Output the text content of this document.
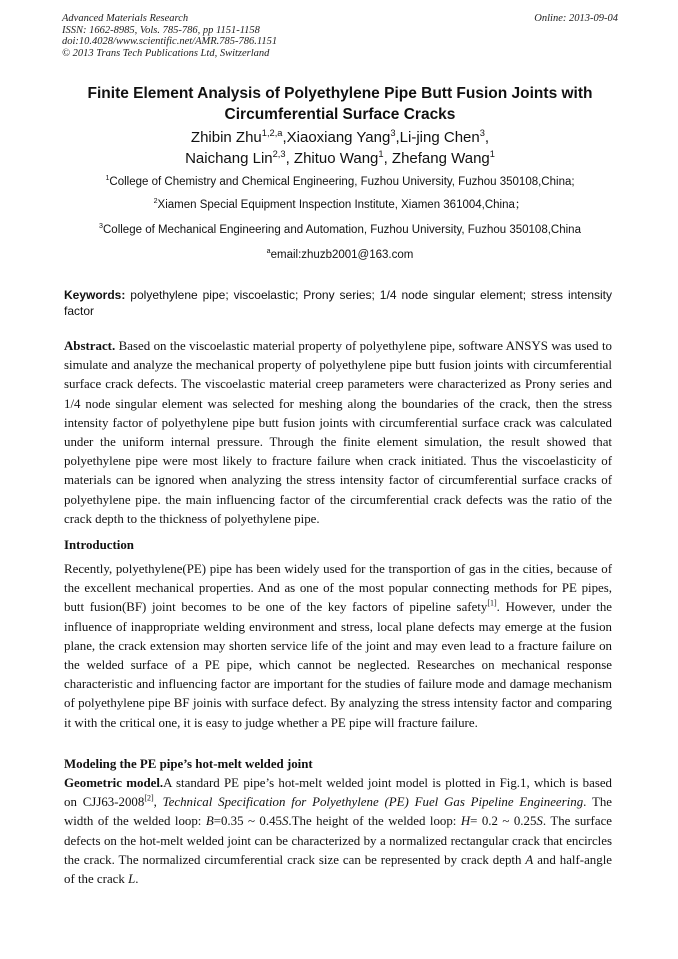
Advanced Materials Research
ISSN: 1662-8985, Vols. 785-786, pp 1151-1158
doi:10.4028/www.scientific.net/AMR.785-786.1151
© 2013 Trans Tech Publications Ltd, Switzerland
Online: 2013-09-04
Finite Element Analysis of Polyethylene Pipe Butt Fusion Joints with
Circumferential Surface Cracks
Zhibin Zhu$^{1,2,a}$,Xiaoxiang Yang$^3$,Li-jing Chen$^3$,
Naichang Lin$^{2,3}$, Zhituo Wang$^1$, Zhefang Wang$^1$
$^1$College of Chemistry and Chemical Engineering, Fuzhou University, Fuzhou 350108,China;
$^2$Xiamen Special Equipment Inspection Institute, Xiamen 361004,China；
$^3$College of Mechanical Engineering and Automation, Fuzhou University, Fuzhou 350108,China
$^a$email:zhuzb2001@163.com
Keywords: polyethylene pipe; viscoelastic; Prony series; 1/4 node singular element; stress intensity factor
Abstract. Based on the viscoelastic material property of polyethylene pipe, software ANSYS was used to simulate and analyze the mechanical property of polyethylene pipe butt fusion joints with circumferential surface crack defects. The viscoelastic material creep parameters were characterized as Prony series and 1/4 node singular element was selected for meshing along the boundaries of the crack, then the stress intensity factor of polyethylene pipe butt fusion joints with circumferential surface crack was calculated under the uniform internal pressure. Through the finite element simulation, the result showed that polyethylene pipe were most likely to fracture failure when crack initiated. Thus the viscoelasticity of materials can be ignored when analyzing the stress intensity factor of circumferential surface cracks of polyethylene pipe. the main influencing factor of the circumferential crack defects was the ratio of the crack depth to the thickness of polyethylene pipe.
Introduction
Recently, polyethylene(PE) pipe has been widely used for the transportion of gas in the cities, because of the excellent mechanical properties. And as one of the most popular connecting methods for PE pipes, butt fusion(BF) joint becomes to be one of the key factors of pipeline safety[1]. However, under the influence of inappropriate welding environment and stress, local plane defects may emerge at the fusion plane, the crack extension may shorten service life of the joint and may even lead to a fracture failure on the welded surface of a PE pipe, which cannot be neglected. Researches on mechanical response characteristic and influencing factor are important for the studies of failure mode and damage mechanism of polyethylene pipe BF joinis with surface defect. By analyzing the stress intensity factor and comparing it with the critical one, it is easy to judge whether a PE pipe will fracture failure.
Modeling the PE pipe’s hot-melt welded joint
Geometric model.A standard PE pipe’s hot-melt welded joint model is plotted in Fig.1, which is based on CJJ63-2008[2], Technical Specification for Polyethylene (PE) Fuel Gas Pipeline Engineering. The width of the welded loop: B=0.35 ~ 0.45S.The height of the welded loop: H= 0.2 ~ 0.25S. The surface defects on the hot-melt welded joint can be characterized by a normalized rectangular crack that encircles the crack. The normalized circumferential crack size can be represented by crack depth A and half-angle of the crack L.
